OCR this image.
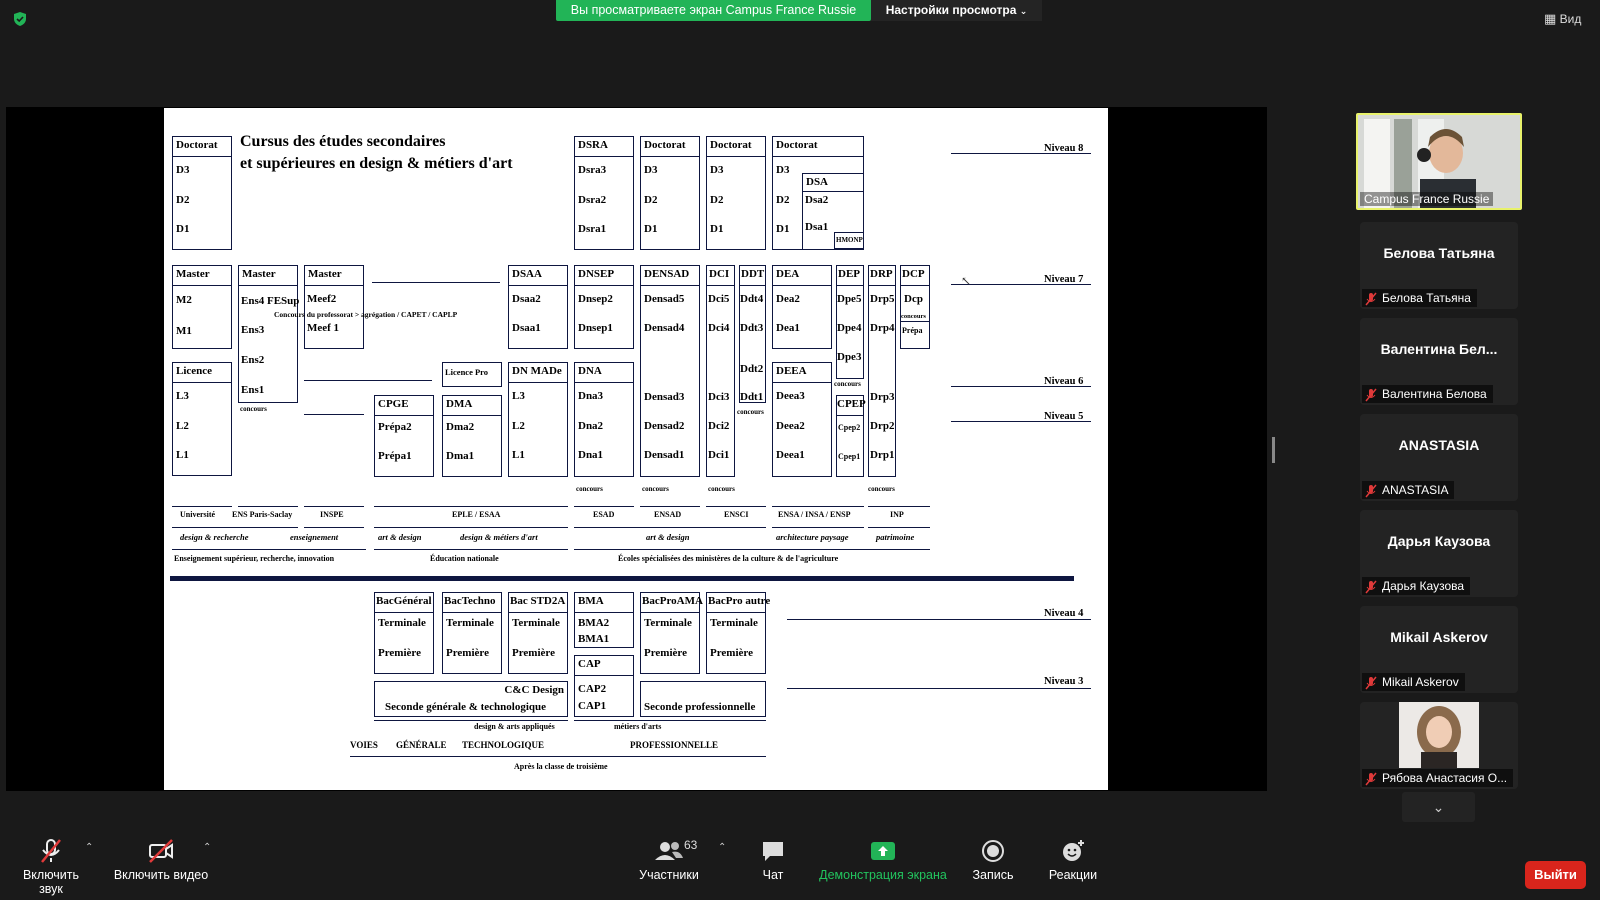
Вы просматриваете экран Campus France Russie	Настройки просмотра ⌄	▦ Вид
Cursus des études secondaires
et supérieures en design & métiers d'art
Niveau 8
Niveau 7
Niveau 6
Niveau 5
Niveau 4
Niveau 3
Doctorat
D3
D2
D1
DSRA
Dsra3
Dsra2
Dsra1
Doctorat
D3
D2
D1
Doctorat
D3
D2
D1
Doctorat
D3
D2
D1
DSA
Dsa2
Dsa1
HMONP
Master
M2
M1
Master
Ens4 FESup
Ens3
Ens2
Ens1
concours
Master
Meef2
Meef 1
Concours du professorat > agrégation / CAPET / CAPLP
DSAA
Dsaa2
Dsaa1
DNSEP
Dnsep2
Dnsep1
DENSAD
Densad5
Densad4
Densad3
Densad2
Densad1
DCI
Dci5
Dci4
Dci3
Dci2
Dci1
DDT
Ddt4
Ddt3
Ddt2
Ddt1
concours
DEA
Dea2
Dea1
DEP
Dpe5
Dpe4
Dpe3
concours
DRP
Drp5
Drp4
Drp3
Drp2
Drp1
DCP
Dcp
concours
Prépa
Licence
L3
L2
L1
Licence Pro
CPGE
Prépa2
Prépa1
DMA
Dma2
Dma1
DN MADe
L3
L2
L1
DNA
Dna3
Dna2
Dna1
DEEA
Deea3
Deea2
Deea1
CPEP
Cpep2
Cpep1
concours	concours	concours	concours
Université ENS Paris-Saclay	INSPE	EPLE / ESAA	ESAD	ENSAD	ENSCI	ENSA / INSA / ENSP	INP
design & recherche	enseignement	art & design	design & métiers d'art	art & design	architecture paysage	patrimoine
Enseignement supérieur, recherche, innovation	Éducation nationale	Écoles spécialisées des ministères de la culture & de l'agriculture
BacGénéral
Terminale
Première
BacTechno
Terminale
Première
Bac STD2A
Terminale
Première
BMA
BMA2
BMA1
CAP
CAP2
CAP1
BacProAMA
Terminale
Première
BacPro autre
Terminale
Première
C&C Design
Seconde générale & technologique	Seconde professionnelle
design & arts appliqués	métiers d'arts
VOIES GÉNÉRALE TECHNOLOGIQUE	PROFESSIONNELLE
Après la classe de troisième
↖
Campus France Russie
Белова Татьяна
Белова Татьяна
Валентина Бел...
Валентина Белова
ANASTASIA
ANASTASIA
Дарья Каузова
Дарья Каузова
Mikail Askerov
Mikail Askerov
Рябова Анастасия О...
⌄
Включить звук
⌃
Включить видео
⌃
Участники
63 ⌃
Чат	Демонстрация экрана	Запись	Реакции	Выйти
